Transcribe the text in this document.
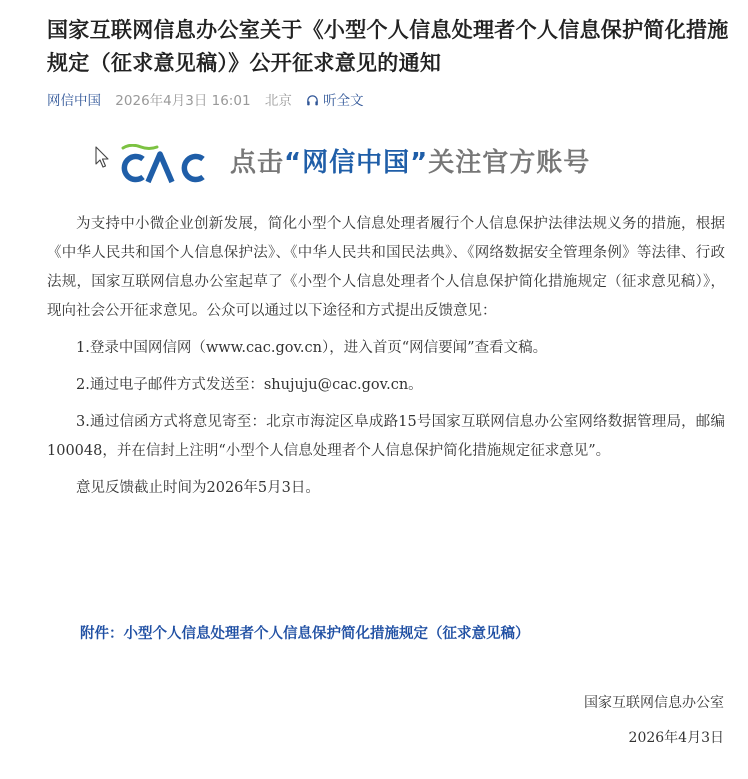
国家互联网信息办公室关于《小型个人信息处理者个人信息保护简化措施规定（征求意见稿）》公开征求意见的通知
网信中国 2026年4月3日 16:01 北京 听全文
点击“网信中国”关注官方账号

为支持中小微企业创新发展，简化小型个人信息处理者履行个人信息保护法律法规义务的措施，根据《中华人民共和国个人信息保护法》、《中华人民共和国民法典》、《网络数据安全管理条例》等法律、行政法规，国家互联网信息办公室起草了《小型个人信息处理者个人信息保护简化措施规定（征求意见稿）》，现向社会公开征求意见。公众可以通过以下途径和方式提出反馈意见：

1.登录中国网信网（www.cac.gov.cn），进入首页“网信要闻”查看文稿。

2.通过电子邮件方式发送至：shujuju@cac.gov.cn。

3.通过信函方式将意见寄至：北京市海淀区阜成路15号国家互联网信息办公室网络数据管理局，邮编100048，并在信封上注明“小型个人信息处理者个人信息保护简化措施规定征求意见”。

意见反馈截止时间为2026年5月3日。

附件：小型个人信息处理者个人信息保护简化措施规定（征求意见稿）
国家互联网信息办公室
2026年4月3日
